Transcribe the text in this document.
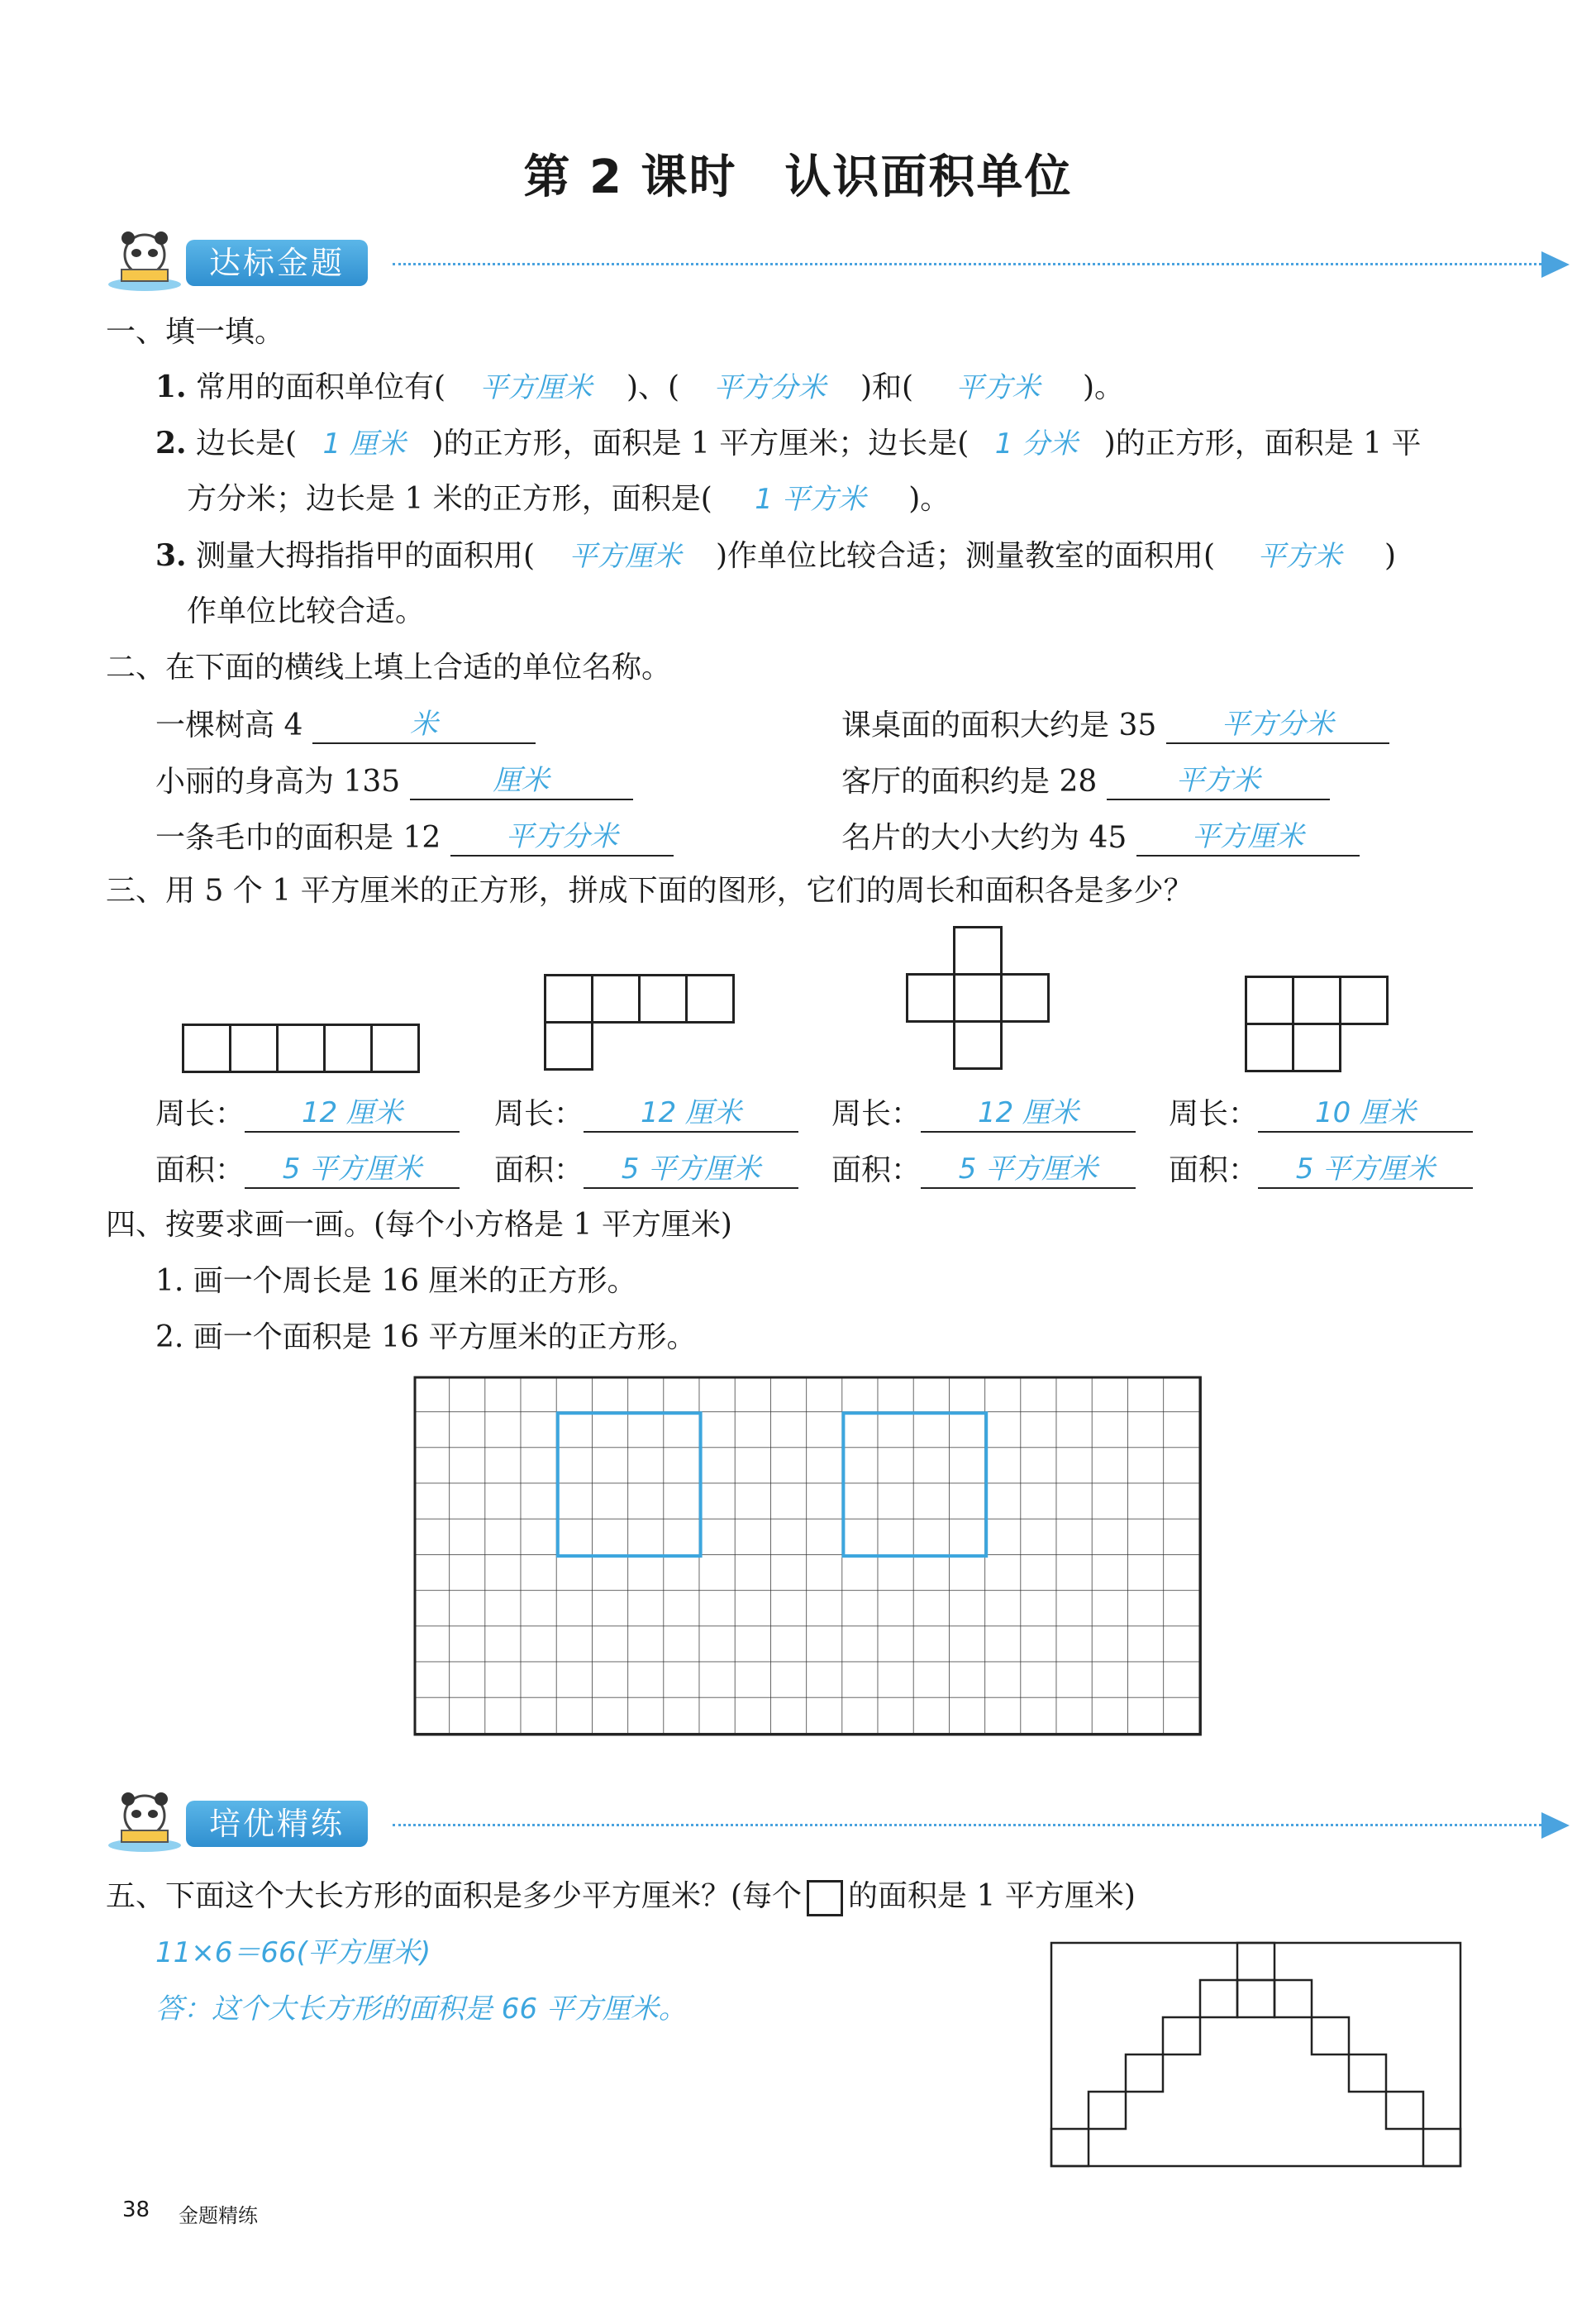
第 2 课时　认识面积单位
达标金题
一、填一填。
1. 常用的面积单位有( 平方厘米 )、( 平方分米 )和( 平方米 )。
2. 边长是( 1 厘米 )的正方形，面积是 1 平方厘米；边长是( 1 分米 )的正方形，面积是 1 平
方分米；边长是 1 米的正方形，面积是( 1 平方米 )。
3. 测量大拇指指甲的面积用( 平方厘米 )作单位比较合适；测量教室的面积用( 平方米 )
作单位比较合适。
二、在下面的横线上填上合适的单位名称。
一棵树高 4	米	课桌面的面积大约是 35 平方分米
小丽的身高为 135	厘米	客厅的面积约是 28	平方米
一条毛巾的面积是 12 平方分米	名片的大小大约为 45 平方厘米
三、用 5 个 1 平方厘米的正方形，拼成下面的图形，它们的周长和面积各是多少？
周长： 12 厘米	周长： 12 厘米	周长： 12 厘米	周长： 10 厘米
面积： 5 平方厘米	面积： 5 平方厘米	面积： 5 平方厘米	面积： 5 平方厘米
四、按要求画一画。(每个小方格是 1 平方厘米)
1. 画一个周长是 16 厘米的正方形。
2. 画一个面积是 16 平方厘米的正方形。
培优精练
五、下面这个大长方形的面积是多少平方厘米？(每个 的面积是 1 平方厘米)
11×6＝66(平方厘米)
答：这个大长方形的面积是 66 平方厘米。
38 金题精练
